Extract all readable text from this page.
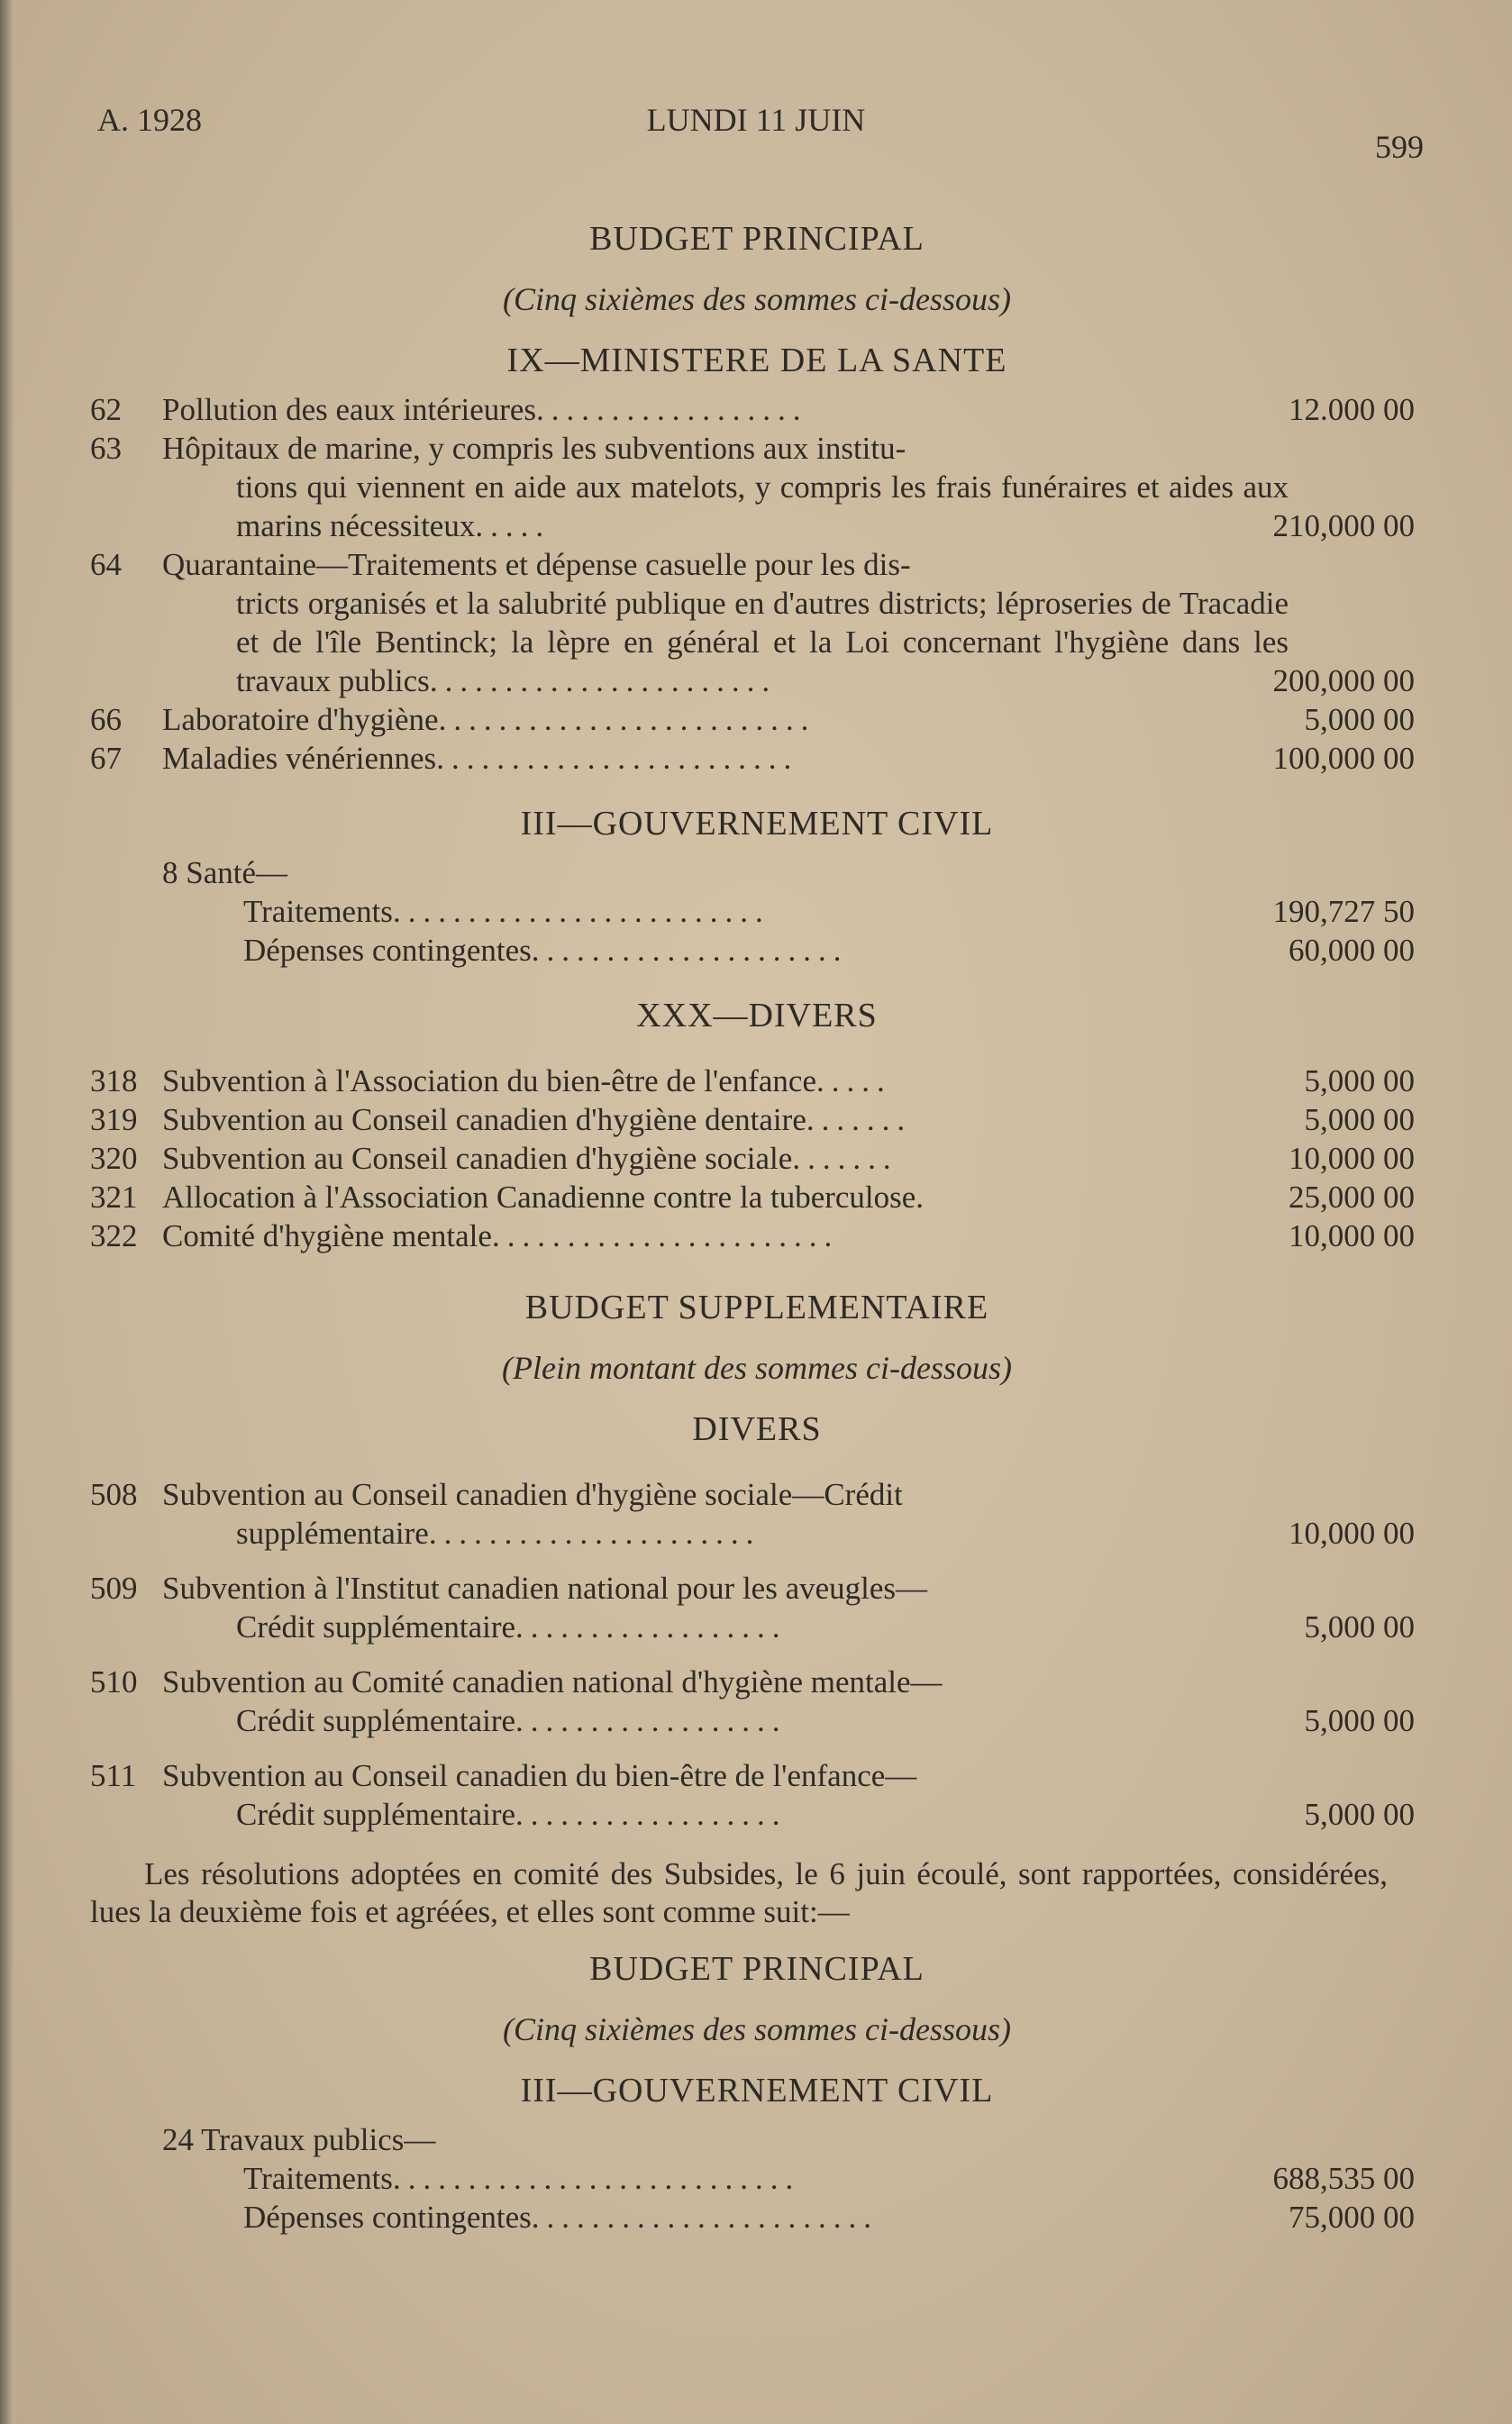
A. 1928	LUNDI 11 JUIN
599
BUDGET PRINCIPAL
(Cinq sixièmes des sommes ci-dessous)
IX—MINISTERE DE LA SANTE
62	Pollution des eaux intérieures..................	12.000 00
63	Hôpitaux de marine, y compris les subventions aux institu-
tions qui viennent en aide aux matelots, y compris les frais funéraires et aides aux marins nécessiteux.....	210,000 00
64	Quarantaine—Traitements et dépense casuelle pour les dis-
tricts organisés et la salubrité publique en d'autres districts; léproseries de Tracadie et de l'île Bentinck; la lèpre en général et la Loi concernant l'hygiène dans les travaux publics.......................	200,000 00
66	Laboratoire d'hygiène.........................	5,000 00
67	Maladies vénériennes........................	100,000 00
III—GOUVERNEMENT CIVIL
8 Santé—
Traitements.........................	190,727 50
Dépenses contingentes.....................	60,000 00
XXX—DIVERS
318 Subvention à l'Association du bien-être de l'enfance.....	5,000 00
319 Subvention au Conseil canadien d'hygiène dentaire.......	5,000 00
320 Subvention au Conseil canadien d'hygiène sociale.......	10,000 00
321 Allocation à l'Association Canadienne contre la tuberculose.	25,000 00
322 Comité d'hygiène mentale.......................	10,000 00
BUDGET SUPPLEMENTAIRE
(Plein montant des sommes ci-dessous)
DIVERS
508 Subvention au Conseil canadien d'hygiène sociale—Crédit
supplémentaire......................	10,000 00
509 Subvention à l'Institut canadien national pour les aveugles—
Crédit supplémentaire..................	5,000 00
510 Subvention au Comité canadien national d'hygiène mentale—
Crédit supplémentaire..................	5,000 00
511 Subvention au Conseil canadien du bien-être de l'enfance—
Crédit supplémentaire..................	5,000 00

Les résolutions adoptées en comité des Subsides, le 6 juin écoulé, sont rapportées, considérées, lues la deuxième fois et agréées, et elles sont comme suit:—

BUDGET PRINCIPAL
(Cinq sixièmes des sommes ci-dessous)
III—GOUVERNEMENT CIVIL
24 Travaux publics—
Traitements...........................	688,535 00
Dépenses contingentes.......................	75,000 00
